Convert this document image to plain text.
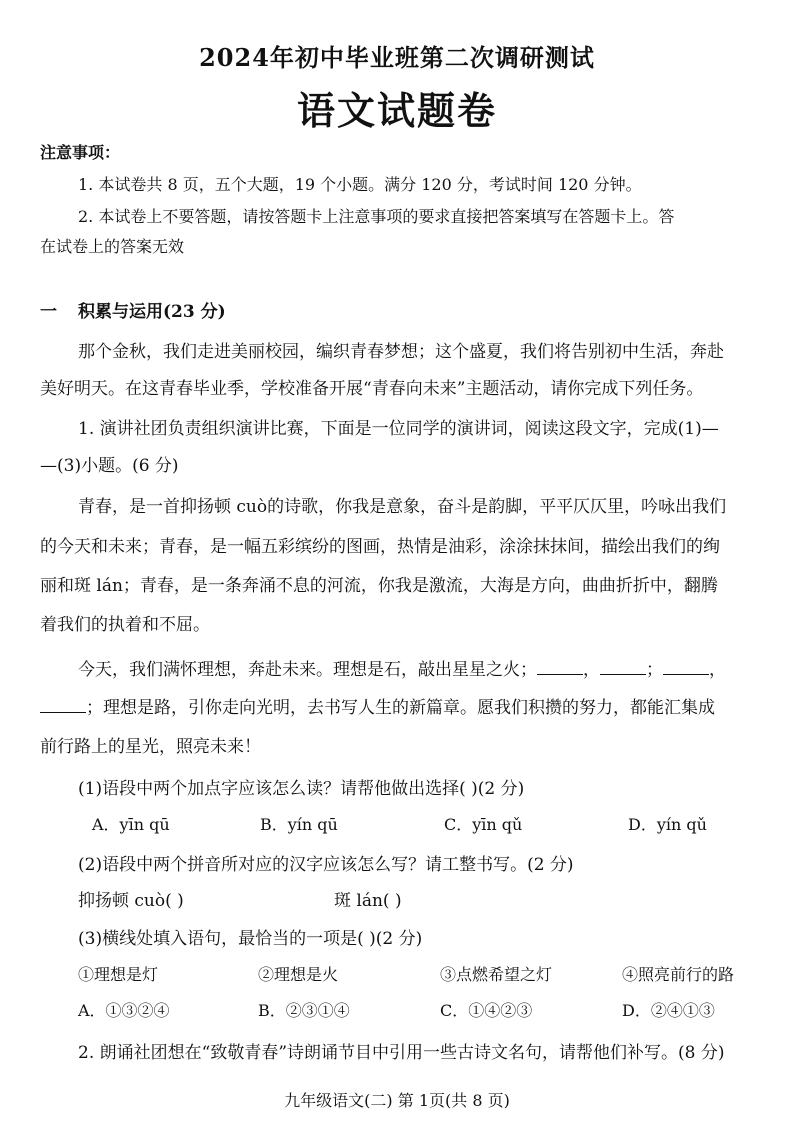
2024年初中毕业班第二次调研测试
语文试题卷
注意事项：
1. 本试卷共 8 页，五个大题，19 个小题。满分 120 分，考试时间 120 分钟。
2. 本试卷上不要答题，请按答题卡上注意事项的要求直接把答案填写在答题卡上。答
在试卷上的答案无效
一 积累与运用(23 分)
那个金秋，我们走进美丽校园，编织青春梦想；这个盛夏，我们将告别初中生活，奔赴
美好明天。在这青春毕业季，学校准备开展“青春向未来”主题活动，请你完成下列任务。
1. 演讲社团负责组织演讲比赛，下面是一位同学的演讲词，阅读这段文字，完成(1)—
—(3)小题。(6 分)
青春，是一首抑扬顿 cuò的诗歌，你我是意象，奋斗是韵脚，平平仄仄里，吟咏出我们
的今天和未来；青春，是一幅五彩缤纷的图画，热情是油彩，涂涂抹抹间，描绘出我们的绚
丽和斑 lán；青春，是一条奔涌不息的河流，你我是激流，大海是方向，曲曲折折中，翻腾
着我们的执着和不屈。
今天，我们满怀理想，奔赴未来。理想是石，敲出星星之火；	，	；	，
；理想是路，引你走向光明，去书写人生的新篇章。愿我们积攒的努力，都能汇集成
前行路上的星光，照亮未来！
(1)语段中两个加点字应该怎么读？请帮他做出选择( )(2 分)
A．yīn qū	B．yín qū	C．yīn qǔ	D．yín qǔ
(2)语段中两个拼音所对应的汉字应该怎么写？请工整书写。(2 分)
抑扬顿 cuò( )	斑 lán( )
(3)横线处填入语句，最恰当的一项是( )(2 分)
①理想是灯	②理想是火	③点燃希望之灯	④照亮前行的路
A．①③②④	B．②③①④	C．①④②③	D．②④①③
2. 朗诵社团想在“致敬青春”诗朗诵节目中引用一些古诗文名句，请帮他们补写。(8 分)
九年级语文(二) 第 1页(共 8 页)
